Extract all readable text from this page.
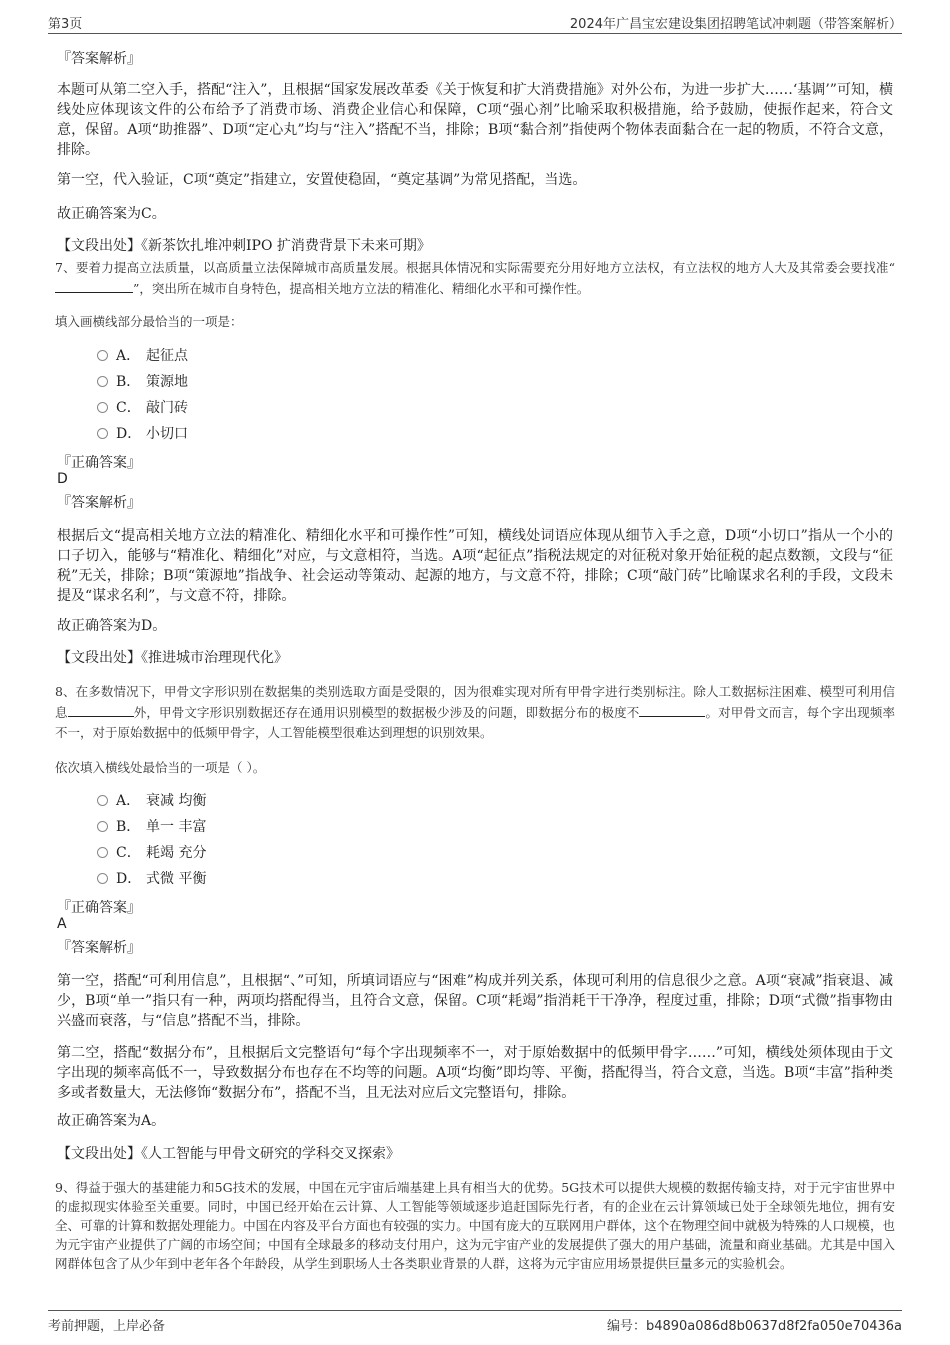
第3页	2024年广昌宝宏建设集团招聘笔试冲刺题（带答案解析）
『答案解析』
本题可从第二空入手，搭配“注入”，且根据“国家发展改革委《关于恢复和扩大消费措施》对外公布，为进一步扩大……‘基调’”可知，横线处应体现该文件的公布给予了消费市场、消费企业信心和保障，C项“强心剂”比喻采取积极措施，给予鼓励，使振作起来，符合文意，保留。A项“助推器”、D项“定心丸”均与“注入”搭配不当，排除；B项“黏合剂”指使两个物体表面黏合在一起的物质，不符合文意，排除。
第一空，代入验证，C项“奠定”指建立，安置使稳固，“奠定基调”为常见搭配，当选。
故正确答案为C。
【文段出处】《新茶饮扎堆冲刺IPO 扩消费背景下未来可期》
7、要着力提高立法质量，以高质量立法保障城市高质量发展。根据具体情况和实际需要充分用好地方立法权，有立法权的地方人大及其常委会要找准“”，突出所在城市自身特色，提高相关地方立法的精准化、精细化水平和可操作性。
填入画横线部分最恰当的一项是：
A． 起征点
B． 策源地
C． 敲门砖
D． 小切口
『正确答案』
D
『答案解析』
根据后文“提高相关地方立法的精准化、精细化水平和可操作性”可知，横线处词语应体现从细节入手之意，D项“小切口”指从一个小的口子切入，能够与“精准化、精细化”对应，与文意相符，当选。A项“起征点”指税法规定的对征税对象开始征税的起点数额，文段与“征税”无关，排除；B项“策源地”指战争、社会运动等策动、起源的地方，与文意不符，排除；C项“敲门砖”比喻谋求名利的手段，文段未提及“谋求名利”，与文意不符，排除。
故正确答案为D。
【文段出处】《推进城市治理现代化》
8、在多数情况下，甲骨文字形识别在数据集的类别选取方面是受限的，因为很难实现对所有甲骨字进行类别标注。除人工数据标注困难、模型可利用信息	外，甲骨文字形识别数据还存在通用识别模型的数据极少涉及的问题，即数据分布的极度不	。对甲骨文而言，每个字出现频率不一，对于原始数据中的低频甲骨字，人工智能模型很难达到理想的识别效果。
依次填入横线处最恰当的一项是（ ）。
A． 衰减 均衡
B． 单一 丰富
C． 耗竭 充分
D． 式微 平衡
『正确答案』
A
『答案解析』
第一空，搭配“可利用信息”，且根据“、”可知，所填词语应与“困难”构成并列关系，体现可利用的信息很少之意。A项“衰减”指衰退、减少，B项“单一”指只有一种，两项均搭配得当，且符合文意，保留。C项“耗竭”指消耗干干净净，程度过重，排除；D项“式微”指事物由兴盛而衰落，与“信息”搭配不当，排除。
第二空，搭配“数据分布”，且根据后文完整语句“每个字出现频率不一，对于原始数据中的低频甲骨字……”可知，横线处须体现由于文字出现的频率高低不一，导致数据分布也存在不均等的问题。A项“均衡”即均等、平衡，搭配得当，符合文意，当选。B项“丰富”指种类多或者数量大，无法修饰“数据分布”，搭配不当，且无法对应后文完整语句，排除。
故正确答案为A。
【文段出处】《人工智能与甲骨文研究的学科交叉探索》
9、得益于强大的基建能力和5G技术的发展，中国在元宇宙后端基建上具有相当大的优势。5G技术可以提供大规模的数据传输支持，对于元宇宙世界中的虚拟现实体验至关重要。同时，中国已经开始在云计算、人工智能等领域逐步追赶国际先行者，有的企业在云计算领域已处于全球领先地位，拥有安全、可靠的计算和数据处理能力。中国在内容及平台方面也有较强的实力。中国有庞大的互联网用户群体，这个在物理空间中就极为特殊的人口规模，也为元宇宙产业提供了广阔的市场空间；中国有全球最多的移动支付用户，这为元宇宙产业的发展提供了强大的用户基础，流量和商业基础。尤其是中国入网群体包含了从少年到中老年各个年龄段，从学生到职场人士各类职业背景的人群，这将为元宇宙应用场景提供巨量多元的实验机会。
考前押题，上岸必备	编号：b4890a086d8b0637d8f2fa050e70436a
